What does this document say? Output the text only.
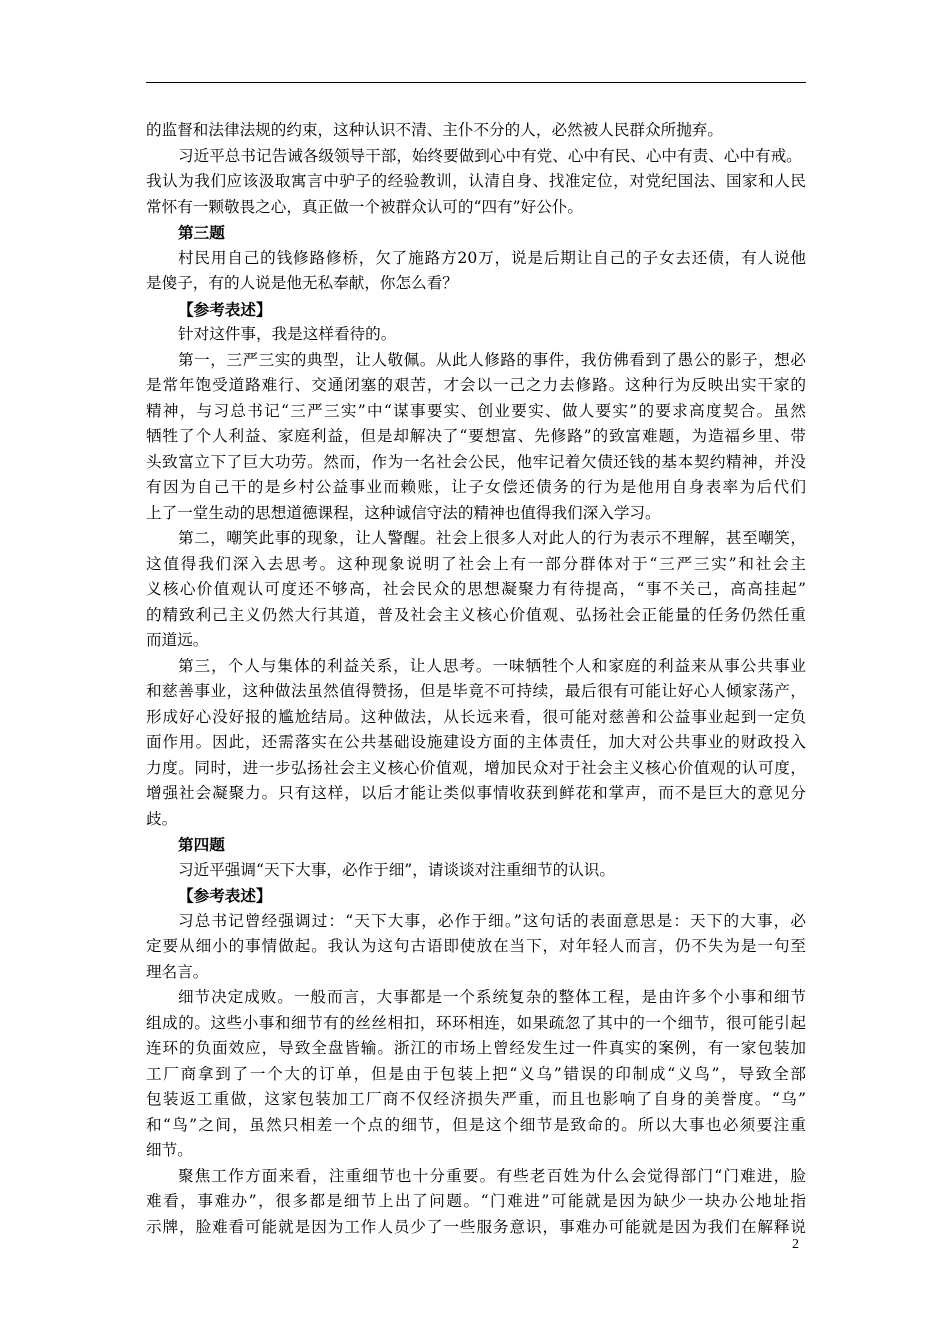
的监督和法律法规的约束，这种认识不清、主仆不分的人，必然被人民群众所抛弃。
习近平总书记告诫各级领导干部，始终要做到心中有党、心中有民、心中有责、心中有戒。
我认为我们应该汲取寓言中驴子的经验教训，认清自身、找准定位，对党纪国法、国家和人民
常怀有一颗敬畏之心，真正做一个被群众认可的“四有”好公仆。
第三题
村民用自己的钱修路修桥，欠了施路方20万，说是后期让自己的子女去还债，有人说他
是傻子，有的人说是他无私奉献，你怎么看？
【参考表述】
针对这件事，我是这样看待的。
第一，三严三实的典型，让人敬佩。从此人修路的事件，我仿佛看到了愚公的影子，想必
是常年饱受道路难行、交通闭塞的艰苦，才会以一己之力去修路。这种行为反映出实干家的
精神，与习总书记“三严三实”中“谋事要实、创业要实、做人要实”的要求高度契合。虽然
牺牲了个人利益、家庭利益，但是却解决了“要想富、先修路”的致富难题，为造福乡里、带
头致富立下了巨大功劳。然而，作为一名社会公民，他牢记着欠债还钱的基本契约精神，并没
有因为自己干的是乡村公益事业而赖账，让子女偿还债务的行为是他用自身表率为后代们
上了一堂生动的思想道德课程，这种诚信守法的精神也值得我们深入学习。
第二，嘲笑此事的现象，让人警醒。社会上很多人对此人的行为表示不理解，甚至嘲笑，
这值得我们深入去思考。这种现象说明了社会上有一部分群体对于“三严三实”和社会主
义核心价值观认可度还不够高，社会民众的思想凝聚力有待提高，“事不关己，高高挂起”
的精致利己主义仍然大行其道，普及社会主义核心价值观、弘扬社会正能量的任务仍然任重
而道远。
第三，个人与集体的利益关系，让人思考。一味牺牲个人和家庭的利益来从事公共事业
和慈善事业，这种做法虽然值得赞扬，但是毕竟不可持续，最后很有可能让好心人倾家荡产，
形成好心没好报的尴尬结局。这种做法，从长远来看，很可能对慈善和公益事业起到一定负
面作用。因此，还需落实在公共基础设施建设方面的主体责任，加大对公共事业的财政投入
力度。同时，进一步弘扬社会主义核心价值观，增加民众对于社会主义核心价值观的认可度，
增强社会凝聚力。只有这样，以后才能让类似事情收获到鲜花和掌声，而不是巨大的意见分
歧。
第四题
习近平强调“天下大事，必作于细”，请谈谈对注重细节的认识。
【参考表述】
习总书记曾经强调过：“天下大事，必作于细。”这句话的表面意思是：天下的大事，必
定要从细小的事情做起。我认为这句古语即使放在当下，对年轻人而言，仍不失为是一句至
理名言。
细节决定成败。一般而言，大事都是一个系统复杂的整体工程，是由许多个小事和细节
组成的。这些小事和细节有的丝丝相扣，环环相连，如果疏忽了其中的一个细节，很可能引起
连环的负面效应，导致全盘皆输。浙江的市场上曾经发生过一件真实的案例，有一家包装加
工厂商拿到了一个大的订单，但是由于包装上把“义乌”错误的印制成“义鸟”，导致全部
包装返工重做，这家包装加工厂商不仅经济损失严重，而且也影响了自身的美誉度。“乌”
和“鸟”之间，虽然只相差一个点的细节，但是这个细节是致命的。所以大事也必须要注重
细节。
聚焦工作方面来看，注重细节也十分重要。有些老百姓为什么会觉得部门“门难进，脸
难看，事难办”，很多都是细节上出了问题。“门难进”可能就是因为缺少一块办公地址指
示牌，脸难看可能就是因为工作人员少了一些服务意识，事难办可能就是因为我们在解释说
2
